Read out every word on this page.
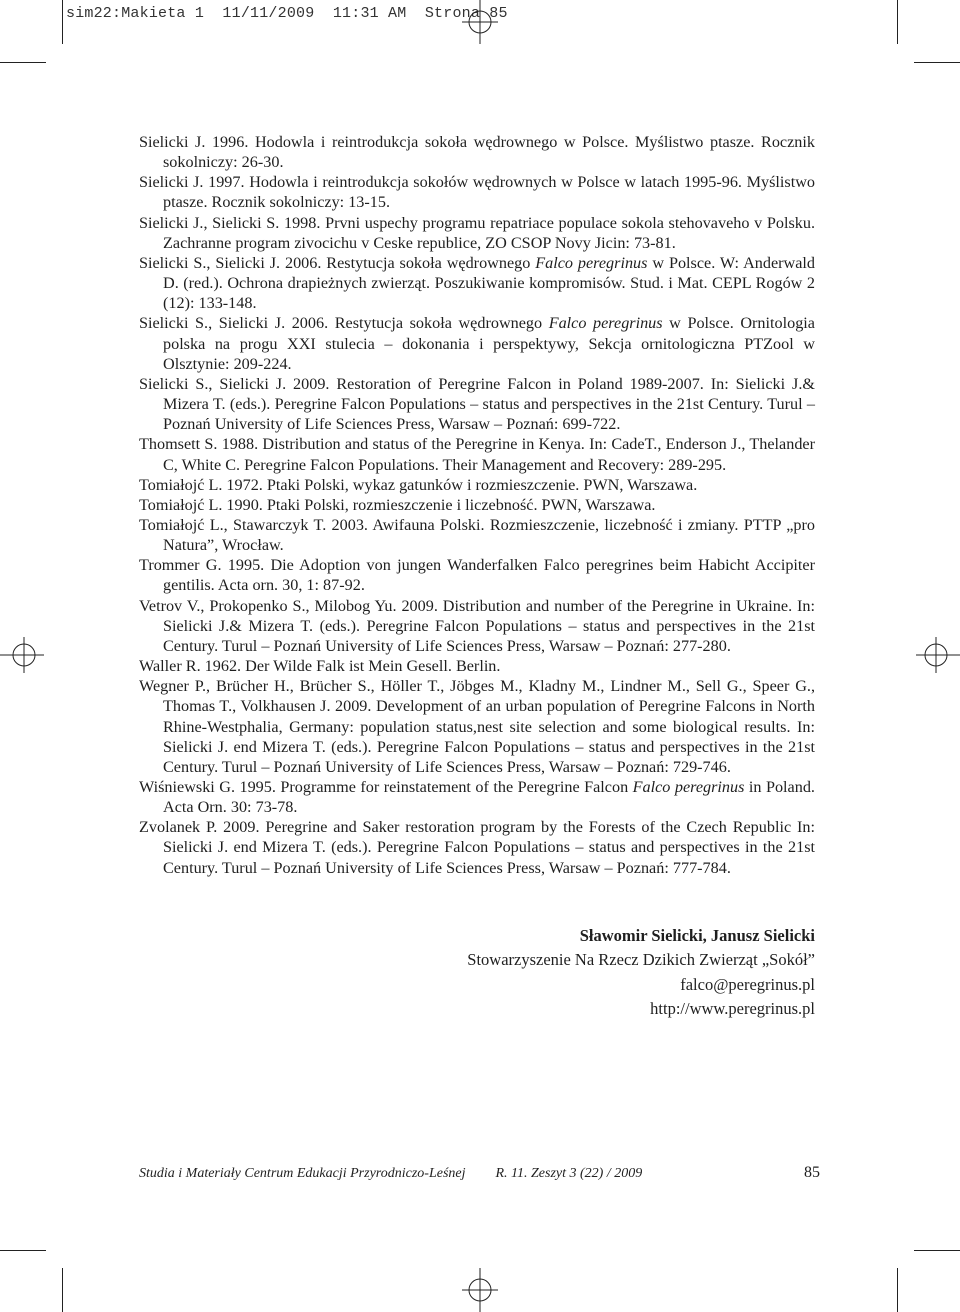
sim22:Makieta 1  11/11/2009  11:31 AM  Strona 85

Sielicki J. 1996. Hodowla i reintrodukcja sokoła wędrownego w Polsce. Myślistwo ptasze. Rocznik sokolniczy: 26-30.

Sielicki J. 1997. Hodowla i reintrodukcja sokołów wędrownych w Polsce w latach 1995-96. Myślistwo ptasze. Rocznik sokolniczy: 13-15.

Sielicki J., Sielicki S. 1998. Prvni uspechy programu repatriace populace sokola stehovaveho v Polsku. Zachranne program zivocichu v Ceske republice, ZO CSOP Novy Jicin: 73-81.

Sielicki S., Sielicki J. 2006. Restytucja sokoła wędrownego Falco peregrinus w Polsce. W: Anderwald D. (red.). Ochrona drapieżnych zwierząt. Poszukiwanie kompromisów. Stud. i Mat. CEPL Rogów 2 (12): 133-148.

Sielicki S., Sielicki J. 2006. Restytucja sokoła wędrownego Falco peregrinus w Polsce. Ornitologia polska na progu XXI stulecia – dokonania i perspektywy, Sekcja ornitologiczna PTZool w Olsztynie: 209-224.

Sielicki S., Sielicki J. 2009. Restoration of Peregrine Falcon in Poland 1989-2007. In: Sielicki J.& Mizera T. (eds.). Peregrine Falcon Populations – status and perspectives in the 21st Century. Turul – Poznań University of Life Sciences Press, Warsaw – Poznań: 699-722.

Thomsett S. 1988. Distribution and status of the Peregrine in Kenya. In: CadeT., Enderson J., Thelander C, White C. Peregrine Falcon Populations. Their Management and Recovery: 289-295.

Tomiałojć L. 1972. Ptaki Polski, wykaz gatunków i rozmieszczenie. PWN, Warszawa.

Tomiałojć L. 1990. Ptaki Polski, rozmieszczenie i liczebność. PWN, Warszawa.

Tomiałojć L., Stawarczyk T. 2003. Awifauna Polski. Rozmieszczenie, liczebność i zmiany. PTTP „pro Natura”, Wrocław.

Trommer G. 1995. Die Adoption von jungen Wanderfalken Falco peregrines beim Habicht Accipiter gentilis. Acta orn. 30, 1: 87-92.

Vetrov V., Prokopenko S., Milobog Yu. 2009. Distribution and number of the Peregrine in Ukraine. In: Sielicki J.& Mizera T. (eds.). Peregrine Falcon Populations – status and perspectives in the 21st Century. Turul – Poznań University of Life Sciences Press, Warsaw – Poznań: 277-280.

Waller R. 1962. Der Wilde Falk ist Mein Gesell. Berlin.

Wegner P., Brücher H., Brücher S., Höller T., Jöbges M., Kladny M., Lindner M., Sell G., Speer G., Thomas T., Volkhausen J. 2009. Development of an urban population of Peregrine Falcons in North Rhine-Westphalia, Germany: population status,nest site selection and some biological results. In: Sielicki J. end Mizera T. (eds.). Peregrine Falcon Populations – status and perspectives in the 21st Century. Turul – Poznań University of Life Sciences Press, Warsaw – Poznań: 729-746.

Wiśniewski G. 1995. Programme for reinstatement of the Peregrine Falcon Falco peregrinus in Poland. Acta Orn. 30: 73-78.

Zvolanek P. 2009. Peregrine and Saker restoration program by the Forests of the Czech Republic In: Sielicki J. end Mizera T. (eds.). Peregrine Falcon Populations – status and perspectives in the 21st Century. Turul – Poznań University of Life Sciences Press, Warsaw – Poznań: 777-784.

Sławomir Sielicki, Janusz Sielicki
Stowarzyszenie Na Rzecz Dzikich Zwierząt „Sokół”
falco@peregrinus.pl
http://www.peregrinus.pl
Studia i Materiały Centrum Edukacji Przyrodniczo-Leśnej R. 11. Zeszyt 3 (22) / 2009	85
